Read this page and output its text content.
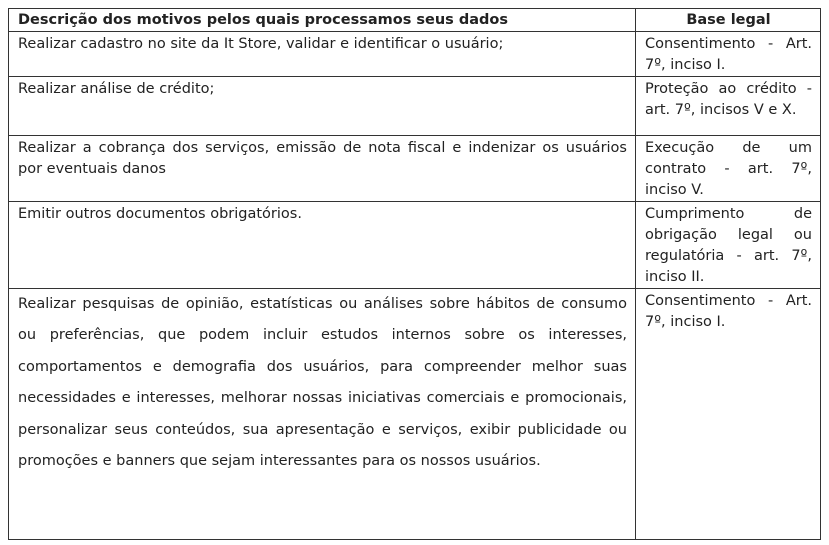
Descrição dos motivos pelos quais processamos seus dados	Base legal
Realizar cadastro no site da It Store, validar e identificar o usuário;	Consentimento - Art. 7º, inciso I.
Realizar análise de crédito;	Proteção ao crédito - art. 7º, incisos V e X.
Realizar a cobrança dos serviços, emissão de nota fiscal e indenizar os usuários por eventuais danos	Execução de um contrato - art. 7º, inciso V.
Emitir outros documentos obrigatórios.	Cumprimento de obrigação legal ou regulatória - art. 7º, inciso II.
Realizar pesquisas de opinião, estatísticas ou análises sobre hábitos de consumo ou preferências, que podem incluir estudos internos sobre os interesses, comportamentos e demografia dos usuários, para compreender melhor suas necessidades e interesses, melhorar nossas iniciativas comerciais e promocionais, personalizar seus conteúdos, sua apresentação e serviços, exibir publicidade ou promoções e banners que sejam interessantes para os nossos usuários.	Consentimento - Art. 7º, inciso I.
